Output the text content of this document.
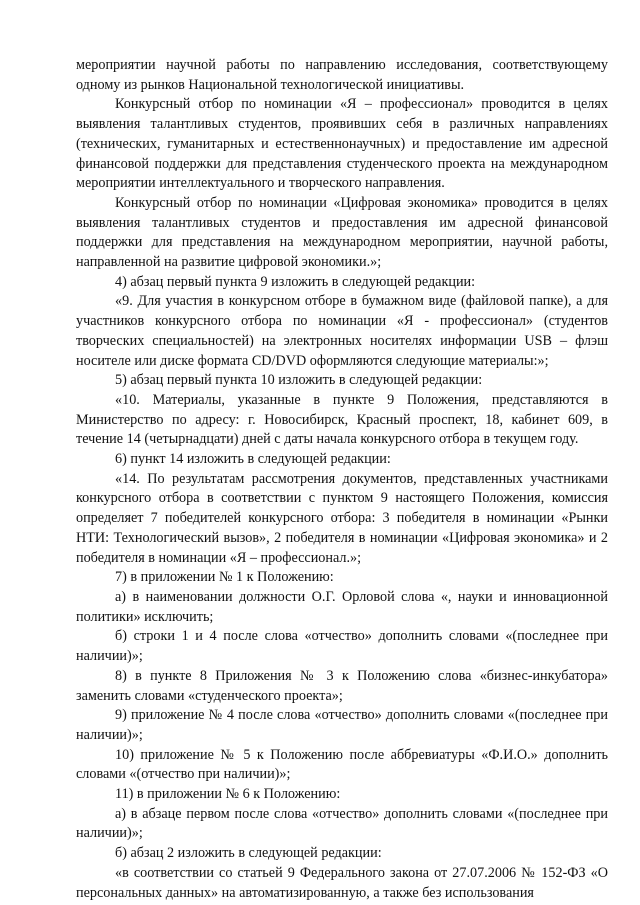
мероприятии научной работы по направлению исследования, соответствующему одному из рынков Национальной технологической инициативы.

Конкурсный отбор по номинации «Я – профессионал» проводится в целях выявления талантливых студентов, проявивших себя в различных направлениях (технических, гуманитарных и естественнонаучных) и предоставление им адресной финансовой поддержки для представления студенческого проекта на международном мероприятии интеллектуального и творческого направления.

Конкурсный отбор по номинации «Цифровая экономика» проводится в целях выявления талантливых студентов и предоставления им адресной финансовой поддержки для представления на международном мероприятии, научной работы, направленной на развитие цифровой экономики.»;

4) абзац первый пункта 9 изложить в следующей редакции:

«9. Для участия в конкурсном отборе в бумажном виде (файловой папке), а для участников конкурсного отбора по номинации «Я - профессионал» (студентов творческих специальностей) на электронных носителях информации USB – флэш носителе или диске формата CD/DVD оформляются следующие материалы:»;

5) абзац первый пункта 10 изложить в следующей редакции:

«10. Материалы, указанные в пункте 9 Положения, представляются в Министерство по адресу: г. Новосибирск, Красный проспект, 18, кабинет 609, в течение 14 (четырнадцати) дней с даты начала конкурсного отбора в текущем году.

6) пункт 14 изложить в следующей редакции:

«14. По результатам рассмотрения документов, представленных участниками конкурсного отбора в соответствии с пунктом 9 настоящего Положения, комиссия определяет 7 победителей конкурсного отбора: 3 победителя в номинации «Рынки НТИ: Технологический вызов», 2 победителя в номинации «Цифровая экономика» и 2 победителя в номинации «Я – профессионал.»;

7) в приложении № 1 к Положению:

а) в наименовании должности О.Г. Орловой слова «, науки и инновационной политики» исключить;

б) строки 1 и 4 после слова «отчество» дополнить словами «(последнее при наличии)»;

8) в пункте 8 Приложения № 3 к Положению слова «бизнес-инкубатора» заменить словами «студенческого проекта»;

9) приложение № 4 после слова «отчество» дополнить словами «(последнее при наличии)»;

10) приложение № 5 к Положению после аббревиатуры «Ф.И.О.» дополнить словами «(отчество при наличии)»;

11) в приложении № 6 к Положению:

а) в абзаце первом после слова «отчество» дополнить словами «(последнее при наличии)»;

б) абзац 2 изложить в следующей редакции:

«в соответствии со статьей 9 Федерального закона от 27.07.2006 № 152-ФЗ «О персональных данных» на автоматизированную, а также без использования
